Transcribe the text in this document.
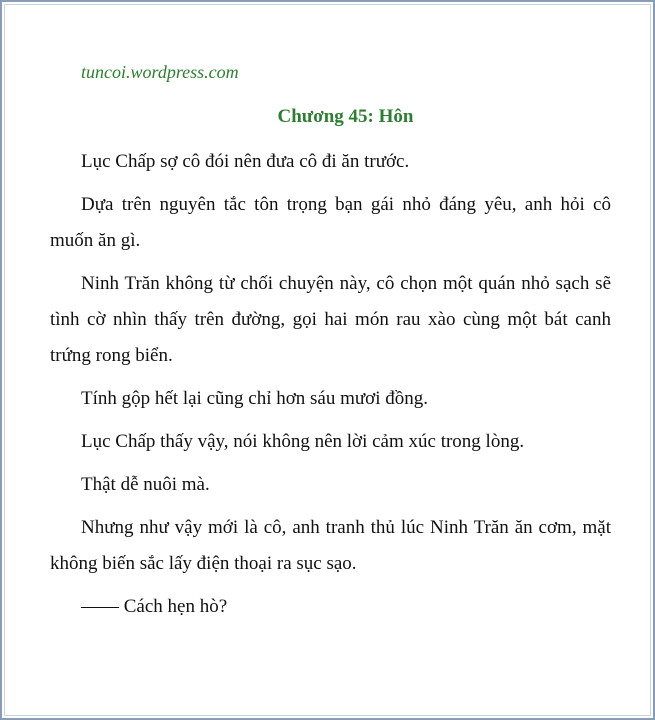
tuncoi.wordpress.com
Chương 45: Hôn

Lục Chấp sợ cô đói nên đưa cô đi ăn trước.

Dựa trên nguyên tắc tôn trọng bạn gái nhỏ đáng yêu, anh hỏi cô muốn ăn gì.

Ninh Trăn không từ chối chuyện này, cô chọn một quán nhỏ sạch sẽ tình cờ nhìn thấy trên đường, gọi hai món rau xào cùng một bát canh trứng rong biển.

Tính gộp hết lại cũng chỉ hơn sáu mươi đồng.

Lục Chấp thấy vậy, nói không nên lời cảm xúc trong lòng.

Thật dễ nuôi mà.

Nhưng như vậy mới là cô, anh tranh thủ lúc Ninh Trăn ăn cơm, mặt không biến sắc lấy điện thoại ra sục sạo.

—— Cách hẹn hò?
